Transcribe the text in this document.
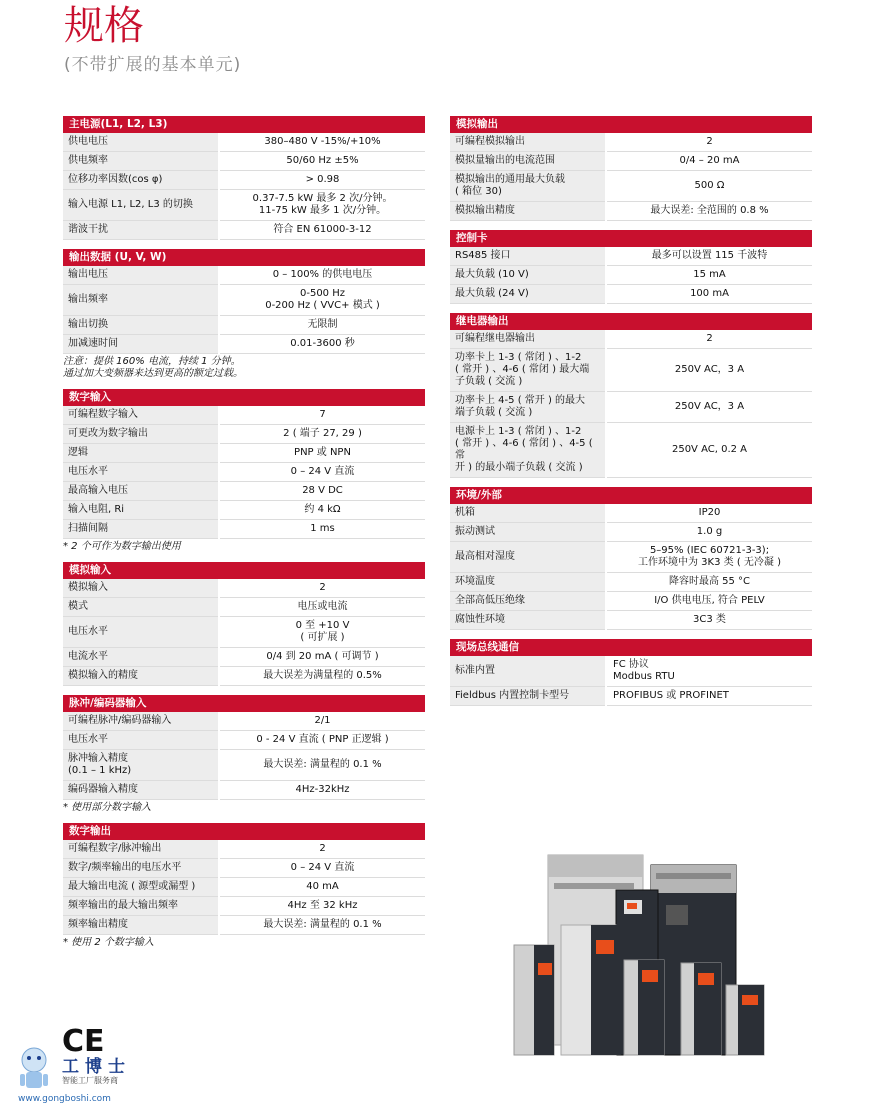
规格
(不带扩展的基本单元)
主电源(L1, L2, L3)
供电电压	380–480 V -15%/+10%
供电频率	50/60 Hz ±5%
位移功率因数(cos φ)	> 0.98
输入电源 L1, L2, L3 的切换	0.37-7.5 kW 最多 2 次/分钟。
11-75 kW 最多 1 次/分钟。
谐波干扰	符合 EN 61000-3-12
输出数据 (U, V, W)
输出电压	0 – 100% 的供电电压
输出频率	0-500 Hz
0-200 Hz ( VVC+ 模式 )
输出切换	无限制
加减速时间	0.01-3600 秒
注意：提供 160% 电流，持续 1 分钟。
通过加大变频器来达到更高的额定过载。
数字输入
可编程数字输入	7
可更改为数字输出	2 ( 端子 27, 29 )
逻辑	PNP 或 NPN
电压水平	0 – 24 V 直流
最高输入电压	28 V DC
输入电阻, Ri	约 4 kΩ
扫描间隔	1 ms
* 2 个可作为数字输出使用
模拟输入
模拟输入	2
模式	电压或电流
电压水平	0 至 +10 V
( 可扩展 )
电流水平	0/4 到 20 mA ( 可调节 )
模拟输入的精度	最大误差为满量程的 0.5%
脉冲/编码器输入
可编程脉冲/编码器输入	2/1
电压水平	0 - 24 V 直流 ( PNP 正逻辑 )
脉冲输入精度
(0.1 – 1 kHz)	最大误差: 满量程的 0.1 %
编码器输入精度	4Hz-32kHz
* 使用部分数字输入
数字输出
可编程数字/脉冲输出	2
数字/频率输出的电压水平	0 – 24 V 直流
最大输出电流 ( 源型或漏型 )	40 mA
频率输出的最大输出频率	4Hz 至 32 kHz
频率输出精度	最大误差: 满量程的 0.1 %
* 使用 2 个数字输入
模拟输出
可编程模拟输出	2
模拟量输出的电流范围	0/4 – 20 mA
模拟输出的通用最大负载
( 箱位 30)	500 Ω
模拟输出精度	最大误差: 全范围的 0.8 %
控制卡
RS485 接口	最多可以设置 115 千波特
最大负载 (10 V)	15 mA
最大负载 (24 V)	100 mA
继电器输出
可编程继电器输出	2
功率卡上 1-3 ( 常闭 ) 、1-2
( 常开 ) 、4-6 ( 常闭 ) 最大端
子负载 ( 交流 )	250V AC，3 A
功率卡上 4-5 ( 常开 ) 的最大
端子负载 ( 交流 )	250V AC，3 A
电源卡上 1-3 ( 常闭 ) 、1-2
( 常开 ) 、4-6 ( 常闭 ) 、4-5 ( 常
开 ) 的最小端子负载 ( 交流 )	250V AC, 0.2 A
环境/外部
机箱	IP20
振动测试	1.0 g
最高相对湿度	5–95% (IEC 60721-3-3);
工作环境中为 3K3 类 ( 无冷凝 )
环境温度	降容时最高 55 °C
全部高低压绝缘	I/O 供电电压, 符合 PELV
腐蚀性环境	3C3 类
现场总线通信
标准内置	FC 协议
Modbus RTU
Fieldbus 内置控制卡型号	PROFIBUS 或 PROFINET
CE
工博士
智能工厂服务商
www.gongboshi.com
